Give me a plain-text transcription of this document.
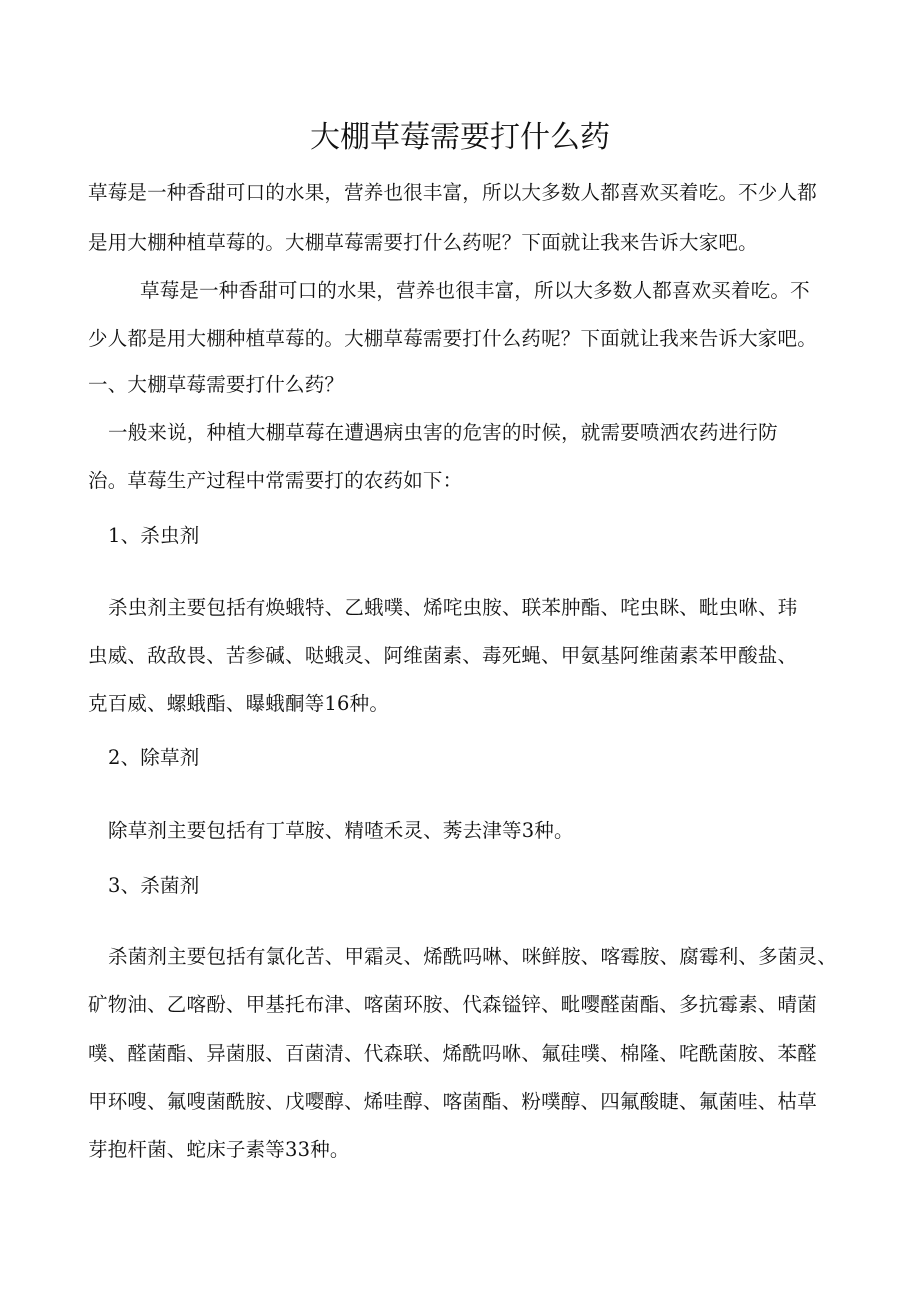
大棚草莓需要打什么药
草莓是一种香甜可口的水果，营养也很丰富，所以大多数人都喜欢买着吃。不少人都
是用大棚种植草莓的。大棚草莓需要打什么药呢？下面就让我来告诉大家吧。
草莓是一种香甜可口的水果，营养也很丰富，所以大多数人都喜欢买着吃。不
少人都是用大棚种植草莓的。大棚草莓需要打什么药呢？下面就让我来告诉大家吧。
一、大棚草莓需要打什么药？
一般来说，种植大棚草莓在遭遇病虫害的危害的时候，就需要喷洒农药进行防
治。草莓生产过程中常需要打的农药如下：
1、杀虫剂
杀虫剂主要包括有焕蛾特、乙蛾噗、烯咤虫胺、联苯肿酯、咤虫眯、毗虫咻、玮
虫威、敌敌畏、苦参碱、哒蛾灵、阿维菌素、毒死蝇、甲氨基阿维菌素苯甲酸盐、
克百威、螺蛾酯、曝蛾酮等16种。
2、除草剂
除草剂主要包括有丁草胺、精喳禾灵、莠去津等3种。
3、杀菌剂
杀菌剂主要包括有氯化苦、甲霜灵、烯酰吗啉、咪鲜胺、喀霉胺、腐霉利、多菌灵、
矿物油、乙喀酚、甲基托布津、喀菌环胺、代森镒锌、毗嘤醛菌酯、多抗霉素、晴菌
噗、醛菌酯、异菌服、百菌清、代森联、烯酰吗咻、氟硅噗、棉隆、咤酰菌胺、苯醛
甲环嗖、氟嗖菌酰胺、戊嘤醇、烯哇醇、喀菌酯、粉噗醇、四氟酸睫、氟菌哇、枯草
芽抱杆菌、蛇床子素等33种。
